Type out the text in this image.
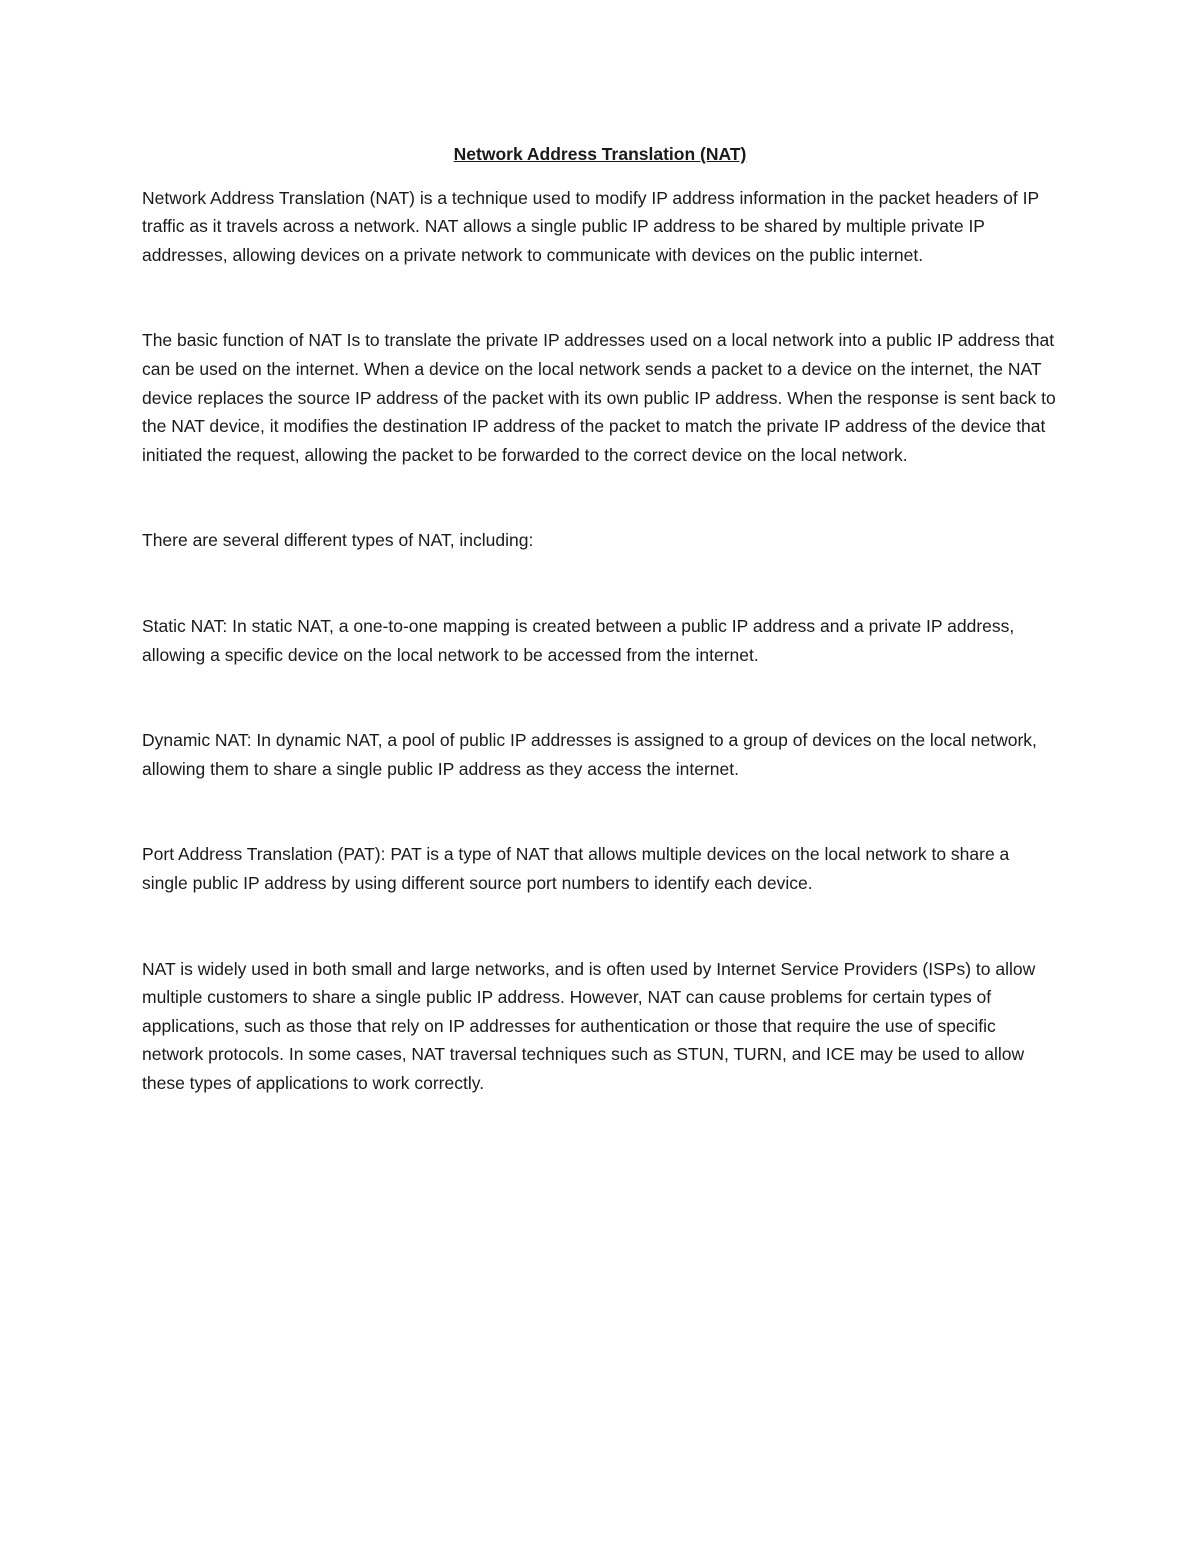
Network Address Translation (NAT)

Network Address Translation (NAT) is a technique used to modify IP address information in the packet headers of IP traffic as it travels across a network. NAT allows a single public IP address to be shared by multiple private IP addresses, allowing devices on a private network to communicate with devices on the public internet.

The basic function of NAT Is to translate the private IP addresses used on a local network into a public IP address that can be used on the internet. When a device on the local network sends a packet to a device on the internet, the NAT device replaces the source IP address of the packet with its own public IP address. When the response is sent back to the NAT device, it modifies the destination IP address of the packet to match the private IP address of the device that initiated the request, allowing the packet to be forwarded to the correct device on the local network.

There are several different types of NAT, including:

Static NAT: In static NAT, a one-to-one mapping is created between a public IP address and a private IP address, allowing a specific device on the local network to be accessed from the internet.

Dynamic NAT: In dynamic NAT, a pool of public IP addresses is assigned to a group of devices on the local network, allowing them to share a single public IP address as they access the internet.

Port Address Translation (PAT): PAT is a type of NAT that allows multiple devices on the local network to share a single public IP address by using different source port numbers to identify each device.

NAT is widely used in both small and large networks, and is often used by Internet Service Providers (ISPs) to allow multiple customers to share a single public IP address. However, NAT can cause problems for certain types of applications, such as those that rely on IP addresses for authentication or those that require the use of specific network protocols. In some cases, NAT traversal techniques such as STUN, TURN, and ICE may be used to allow these types of applications to work correctly.
